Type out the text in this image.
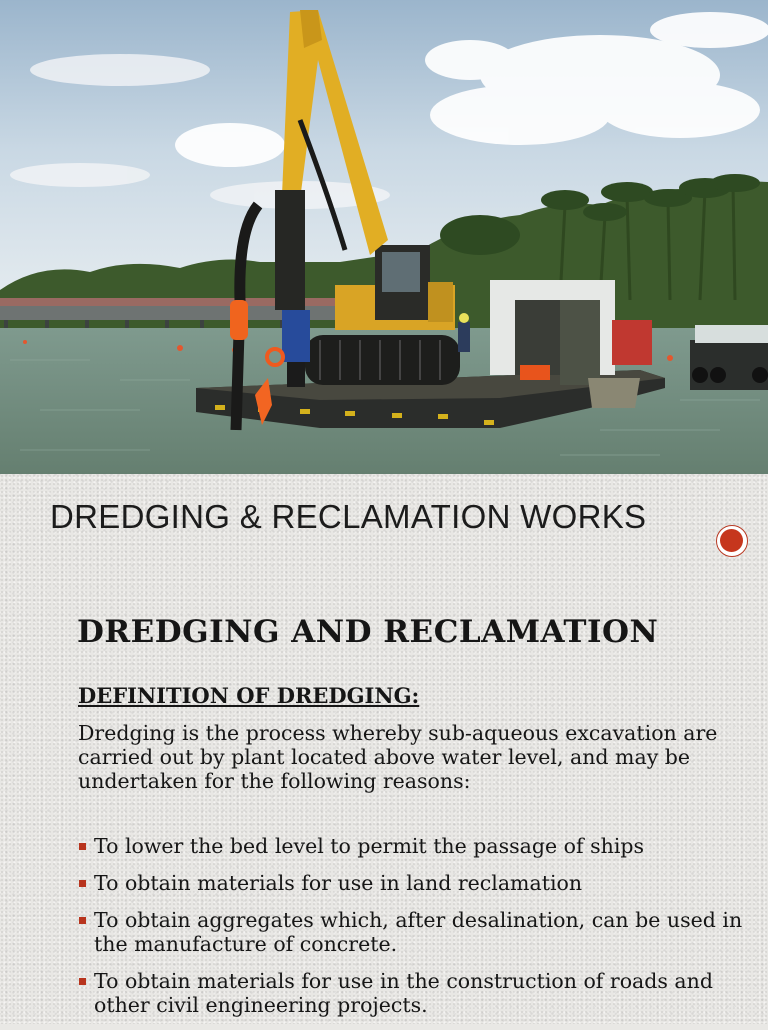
DREDGING & RECLAMATION WORKS
DREDGING AND RECLAMATION
DEFINITION OF DREDGING:

Dredging is the process whereby sub-aqueous excavation are carried out by plant located above water level, and may be undertaken for the following reasons:

To lower the bed level to permit the passage of ships
To obtain materials for use in land reclamation
To obtain aggregates which, after desalination, can be used in the manufacture of concrete.
To obtain materials for use in the construction of roads and other civil engineering projects.
